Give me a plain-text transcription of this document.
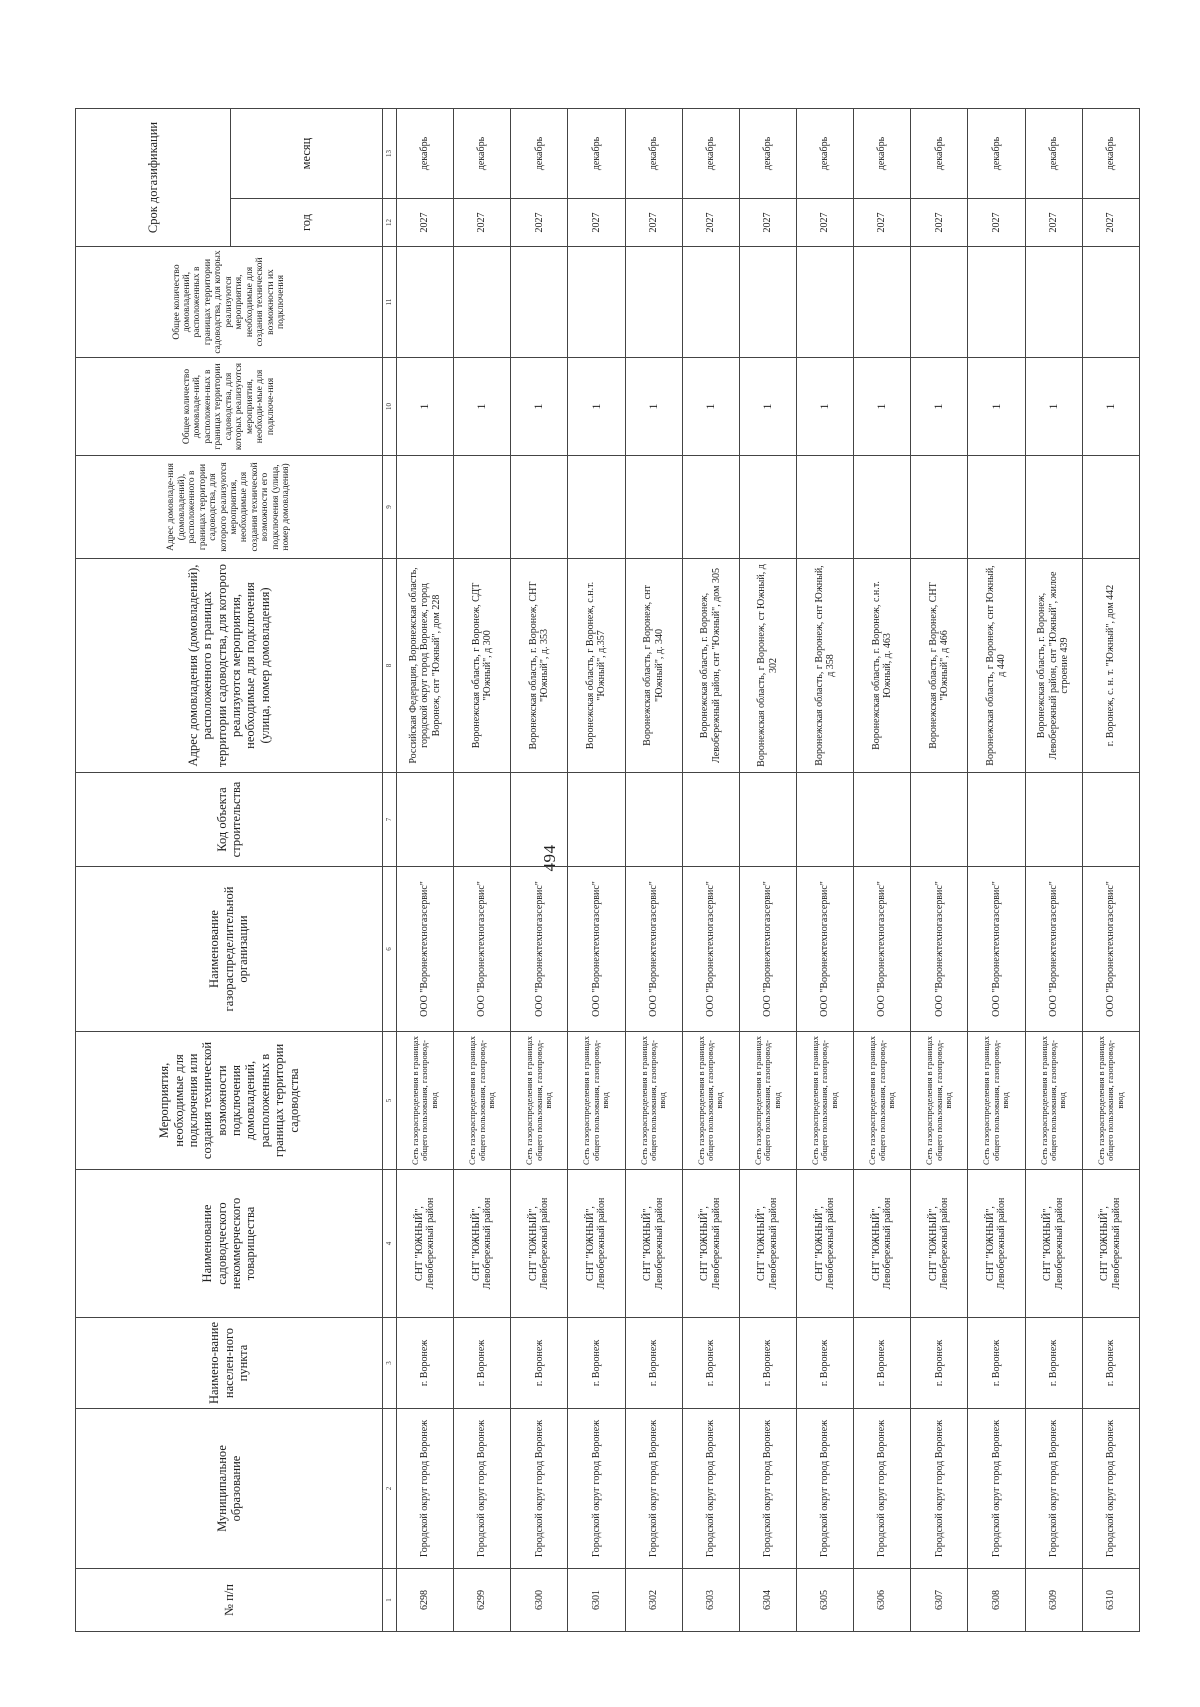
494
№ п/п	Муниципальное образование	Наимено-вание населен-ного пункта	Наименование садоводческого некоммерческого товарищества	Мероприятия, необходимые для подключения или создания технической возможности подключения домовладений, расположенных в границах территории садоводства	Наименование газораспределительной организации	Код объекта строительства	Адрес домовладения (домовладений), расположенного в границах территории садоводства, для которого реализуются мероприятия, необходимые для подключения (улица, номер домовладения)	Адрес домовладе-ния (домовладений), расположенного в границах территории садоводства, для которого реализуются мероприятия, необходимые для создания технической возможности его подключения (улица, номер домовладения)	Общее количество домовладе-ний, расположен-ных в границах территории садоводства, для которых реализуются мероприятия, необходи-мые для подключе-ния	Общее количество домовладений, расположенных в границах территории садоводства, для которых реализуются мероприятия, необходимые для создания технической возможности их подключения	Срок догазификации	
											год	месяц
1	2	3	4	5	6	7	8	9	10	11	12	13
6298	Городской округ город Воронеж	г. Воронеж	СНТ "ЮЖНЫЙ", Левобережный район	Сеть газораспределения в границах общего пользования, газопровод-ввод	ООО "Воронежтехногазсервис"		Российская Федерация, Воронежская область, городской округ город Воронеж, город Воронеж, снт "Южный", дом 228		1		2027	декабрь
6299	Городской округ город Воронеж	г. Воронеж	СНТ "ЮЖНЫЙ", Левобережный район	Сеть газораспределения в границах общего пользования, газопровод-ввод	ООО "Воронежтехногазсервис"		Воронежская область, г Воронеж, СДТ "Южный", д 300		1		2027	декабрь
6300	Городской округ город Воронеж	г. Воронеж	СНТ "ЮЖНЫЙ", Левобережный район	Сеть газораспределения в границах общего пользования, газопровод-ввод	ООО "Воронежтехногазсервис"		Воронежская область, г. Воронеж, СНТ "Южный", д. 353		1		2027	декабрь
6301	Городской округ город Воронеж	г. Воронеж	СНТ "ЮЖНЫЙ", Левобережный район	Сеть газораспределения в границах общего пользования, газопровод-ввод	ООО "Воронежтехногазсервис"		Воронежская область, г Воронеж, с.н.т. "Южный", д.357		1		2027	декабрь
6302	Городской округ город Воронеж	г. Воронеж	СНТ "ЮЖНЫЙ", Левобережный район	Сеть газораспределения в границах общего пользования, газопровод-ввод	ООО "Воронежтехногазсервис"		Воронежская область, г Воронеж, снт "Южный", д. 340		1		2027	декабрь
6303	Городской округ город Воронеж	г. Воронеж	СНТ "ЮЖНЫЙ", Левобережный район	Сеть газораспределения в границах общего пользования, газопровод-ввод	ООО "Воронежтехногазсервис"		Воронежская область, г. Воронеж, Левобережный район, снт "Южный", дом 305		1		2027	декабрь
6304	Городской округ город Воронеж	г. Воронеж	СНТ "ЮЖНЫЙ", Левобережный район	Сеть газораспределения в границах общего пользования, газопровод-ввод	ООО "Воронежтехногазсервис"		Воронежская область, г Воронеж, ст Южный, д 302		1		2027	декабрь
6305	Городской округ город Воронеж	г. Воронеж	СНТ "ЮЖНЫЙ", Левобережный район	Сеть газораспределения в границах общего пользования, газопровод-ввод	ООО "Воронежтехногазсервис"		Воронежская область, г Воронеж, снт Южный, д 358		1		2027	декабрь
6306	Городской округ город Воронеж	г. Воронеж	СНТ "ЮЖНЫЙ", Левобережный район	Сеть газораспределения в границах общего пользования, газопровод-ввод	ООО "Воронежтехногазсервис"		Воронежская область, г. Воронеж, с.н.т. Южный, д. 463		1		2027	декабрь
6307	Городской округ город Воронеж	г. Воронеж	СНТ "ЮЖНЫЙ", Левобережный район	Сеть газораспределения в границах общего пользования, газопровод-ввод	ООО "Воронежтехногазсервис"		Воронежская область, г Воронеж, СНТ "Южный", д 466		1		2027	декабрь
6308	Городской округ город Воронеж	г. Воронеж	СНТ "ЮЖНЫЙ", Левобережный район	Сеть газораспределения в границах общего пользования, газопровод-ввод	ООО "Воронежтехногазсервис"		Воронежская область, г Воронеж, снт Южный, д 440		1		2027	декабрь
6309	Городской округ город Воронеж	г. Воронеж	СНТ "ЮЖНЫЙ", Левобережный район	Сеть газораспределения в границах общего пользования, газопровод-ввод	ООО "Воронежтехногазсервис"		Воронежская область, г. Воронеж, Левобережный район, снт "Южный", жилое строение 439		1		2027	декабрь
6310	Городской округ город Воронеж	г. Воронеж	СНТ "ЮЖНЫЙ", Левобережный район	Сеть газораспределения в границах общего пользования, газопровод-ввод	ООО "Воронежтехногазсервис"		г. Воронеж, с. н. т. "Южный", дом 442		1		2027	декабрь
